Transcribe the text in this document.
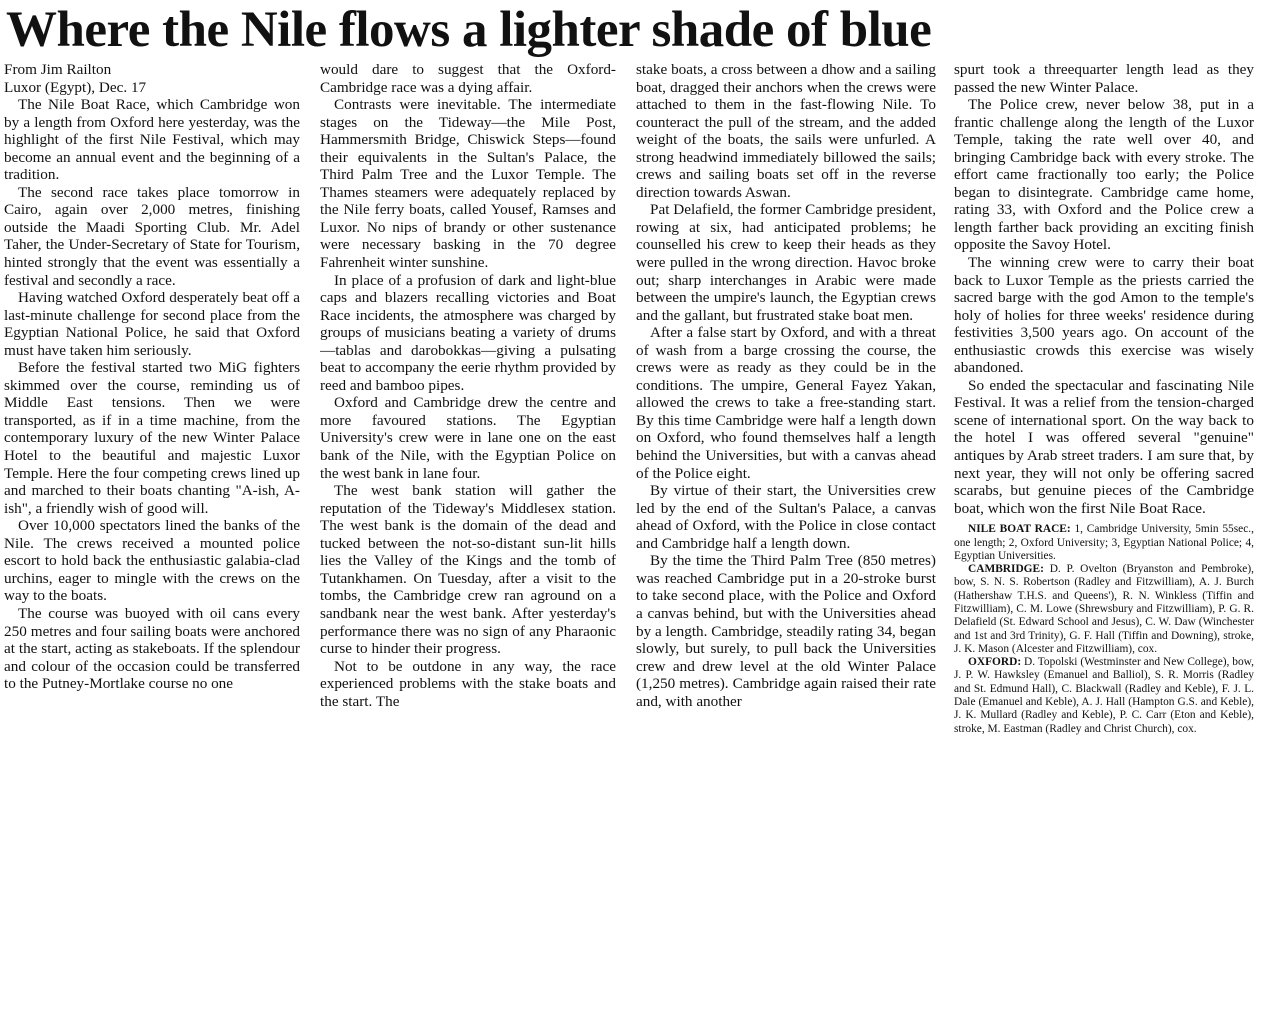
Where the Nile flows a lighter shade of blue

From Jim Railton

Luxor (Egypt), Dec. 17

The Nile Boat Race, which Cambridge won by a length from Oxford here yesterday, was the highlight of the first Nile Festival, which may become an annual event and the beginning of a tradition.

The second race takes place tomorrow in Cairo, again over 2,000 metres, finishing outside the Maadi Sporting Club. Mr. Adel Taher, the Under-Secretary of State for Tourism, hinted strongly that the event was essentially a festival and secondly a race.

Having watched Oxford desperately beat off a last-minute challenge for second place from the Egyptian National Police, he said that Oxford must have taken him seriously.

Before the festival started two MiG fighters skimmed over the course, reminding us of Middle East tensions. Then we were transported, as if in a time machine, from the contemporary luxury of the new Winter Palace Hotel to the beautiful and majestic Luxor Temple. Here the four competing crews lined up and marched to their boats chanting "A-ish, A-ish", a friendly wish of good will.

Over 10,000 spectators lined the banks of the Nile. The crews received a mounted police escort to hold back the enthusiastic galabia-clad urchins, eager to mingle with the crews on the way to the boats.

The course was buoyed with oil cans every 250 metres and four sailing boats were anchored at the start, acting as stakeboats. If the splendour and colour of the occasion could be transferred to the Putney-Mortlake course no one

would dare to suggest that the Oxford-Cambridge race was a dying affair.

Contrasts were inevitable. The intermediate stages on the Tideway—the Mile Post, Hammersmith Bridge, Chiswick Steps—found their equivalents in the Sultan's Palace, the Third Palm Tree and the Luxor Temple. The Thames steamers were adequately replaced by the Nile ferry boats, called Yousef, Ramses and Luxor. No nips of brandy or other sustenance were necessary basking in the 70 degree Fahrenheit winter sunshine.

In place of a profusion of dark and light-blue caps and blazers recalling victories and Boat Race incidents, the atmosphere was charged by groups of musicians beating a variety of drums—tablas and darobokkas—giving a pulsating beat to accompany the eerie rhythm provided by reed and bamboo pipes.

Oxford and Cambridge drew the centre and more favoured stations. The Egyptian University's crew were in lane one on the east bank of the Nile, with the Egyptian Police on the west bank in lane four.

The west bank station will gather the reputation of the Tideway's Middlesex station. The west bank is the domain of the dead and tucked between the not-so-distant sun-lit hills lies the Valley of the Kings and the tomb of Tutankhamen. On Tuesday, after a visit to the tombs, the Cambridge crew ran aground on a sandbank near the west bank. After yesterday's performance there was no sign of any Pharaonic curse to hinder their progress.

Not to be outdone in any way, the race experienced problems with the stake boats and the start. The

stake boats, a cross between a dhow and a sailing boat, dragged their anchors when the crews were attached to them in the fast-flowing Nile. To counteract the pull of the stream, and the added weight of the boats, the sails were unfurled. A strong headwind immediately billowed the sails; crews and sailing boats set off in the reverse direction towards Aswan.

Pat Delafield, the former Cambridge president, rowing at six, had anticipated problems; he counselled his crew to keep their heads as they were pulled in the wrong direction. Havoc broke out; sharp interchanges in Arabic were made between the umpire's launch, the Egyptian crews and the gallant, but frustrated stake boat men.

After a false start by Oxford, and with a threat of wash from a barge crossing the course, the crews were as ready as they could be in the conditions. The umpire, General Fayez Yakan, allowed the crews to take a free-standing start. By this time Cambridge were half a length down on Oxford, who found themselves half a length behind the Universities, but with a canvas ahead of the Police eight.

By virtue of their start, the Universities crew led by the end of the Sultan's Palace, a canvas ahead of Oxford, with the Police in close contact and Cambridge half a length down.

By the time the Third Palm Tree (850 metres) was reached Cambridge put in a 20-stroke burst to take second place, with the Police and Oxford a canvas behind, but with the Universities ahead by a length. Cambridge, steadily rating 34, began slowly, but surely, to pull back the Universities crew and drew level at the old Winter Palace (1,250 metres). Cambridge again raised their rate and, with another

spurt took a threequarter length lead as they passed the new Winter Palace.

The Police crew, never below 38, put in a frantic challenge along the length of the Luxor Temple, taking the rate well over 40, and bringing Cambridge back with every stroke. The effort came fractionally too early; the Police began to disintegrate. Cambridge came home, rating 33, with Oxford and the Police crew a length farther back providing an exciting finish opposite the Savoy Hotel.

The winning crew were to carry their boat back to Luxor Temple as the priests carried the sacred barge with the god Amon to the temple's holy of holies for three weeks' residence during festivities 3,500 years ago. On account of the enthusiastic crowds this exercise was wisely abandoned.

So ended the spectacular and fascinating Nile Festival. It was a relief from the tension-charged scene of international sport. On the way back to the hotel I was offered several "genuine" antiques by Arab street traders. I am sure that, by next year, they will not only be offering sacred scarabs, but genuine pieces of the Cambridge boat, which won the first Nile Boat Race.

NILE BOAT RACE: 1, Cambridge University, 5min 55sec., one length; 2, Oxford University; 3, Egyptian National Police; 4, Egyptian Universities.

CAMBRIDGE: D. P. Ovelton (Bryanston and Pembroke), bow, S. N. S. Robertson (Radley and Fitzwilliam), A. J. Burch (Hathershaw T.H.S. and Queens'), R. N. Winkless (Tiffin and Fitzwilliam), C. M. Lowe (Shrewsbury and Fitzwilliam), P. G. R. Delafield (St. Edward School and Jesus), C. W. Daw (Winchester and 1st and 3rd Trinity), G. F. Hall (Tiffin and Downing), stroke, J. K. Mason (Alcester and Fitzwilliam), cox.

OXFORD: D. Topolski (Westminster and New College), bow, J. P. W. Hawksley (Emanuel and Balliol), S. R. Morris (Radley and St. Edmund Hall), C. Blackwall (Radley and Keble), F. J. L. Dale (Emanuel and Keble), A. J. Hall (Hampton G.S. and Keble), J. K. Mullard (Radley and Keble), P. C. Carr (Eton and Keble), stroke, M. Eastman (Radley and Christ Church), cox.
